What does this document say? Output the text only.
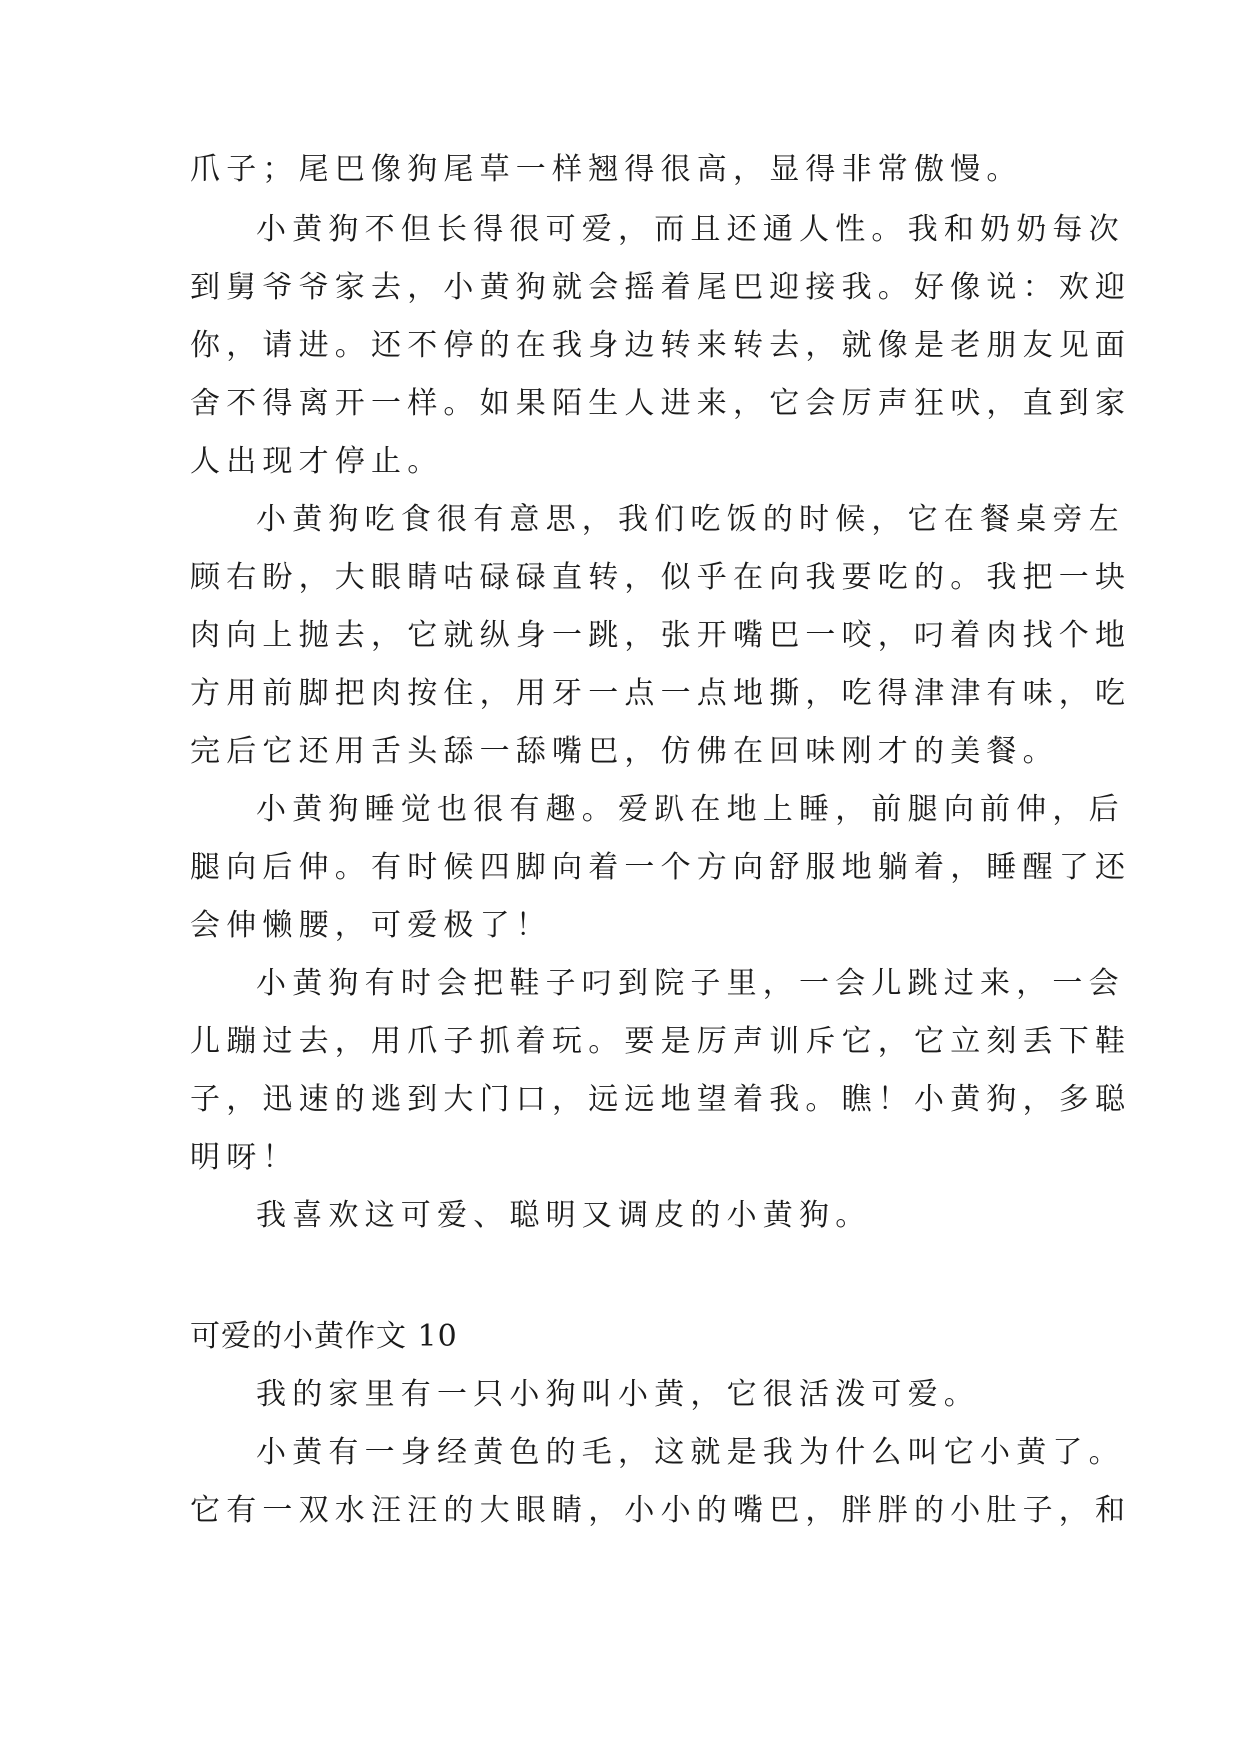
爪子；尾巴像狗尾草一样翘得很高，显得非常傲慢。
小黄狗不但长得很可爱，而且还通人性。我和奶奶每次
到舅爷爷家去，小黄狗就会摇着尾巴迎接我。好像说：欢迎
你，请进。还不停的在我身边转来转去，就像是老朋友见面
舍不得离开一样。如果陌生人进来，它会厉声狂吠，直到家
人出现才停止。
小黄狗吃食很有意思，我们吃饭的时候，它在餐桌旁左
顾右盼，大眼睛咕碌碌直转，似乎在向我要吃的。我把一块
肉向上抛去，它就纵身一跳，张开嘴巴一咬，叼着肉找个地
方用前脚把肉按住，用牙一点一点地撕，吃得津津有味，吃
完后它还用舌头舔一舔嘴巴，仿佛在回味刚才的美餐。
小黄狗睡觉也很有趣。爱趴在地上睡，前腿向前伸，后
腿向后伸。有时候四脚向着一个方向舒服地躺着，睡醒了还
会伸懒腰，可爱极了！
小黄狗有时会把鞋子叼到院子里，一会儿跳过来，一会
儿蹦过去，用爪子抓着玩。要是厉声训斥它，它立刻丢下鞋
子，迅速的逃到大门口，远远地望着我。瞧！小黄狗，多聪
明呀！
我喜欢这可爱、聪明又调皮的小黄狗。
可爱的小黄作文 10
我的家里有一只小狗叫小黄，它很活泼可爱。
小黄有一身经黄色的毛，这就是我为什么叫它小黄了。
它有一双水汪汪的大眼睛，小小的嘴巴，胖胖的小肚子，和
